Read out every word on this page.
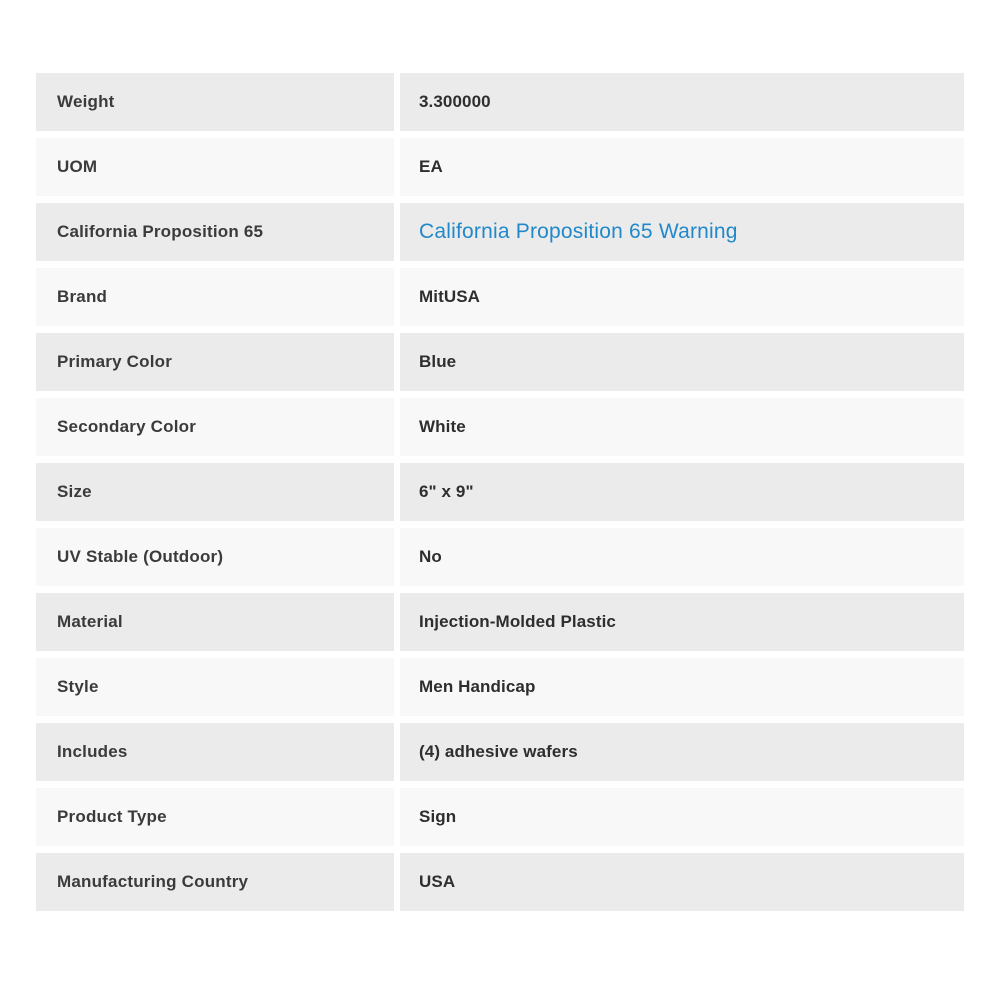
Weight	3.300000
UOM	EA
California Proposition 65	California Proposition 65 Warning
Brand	MitUSA
Primary Color	Blue
Secondary Color	White
Size	6" x 9"
UV Stable (Outdoor)	No
Material	Injection-Molded Plastic
Style	Men Handicap
Includes	(4) adhesive wafers
Product Type	Sign
Manufacturing Country	USA
